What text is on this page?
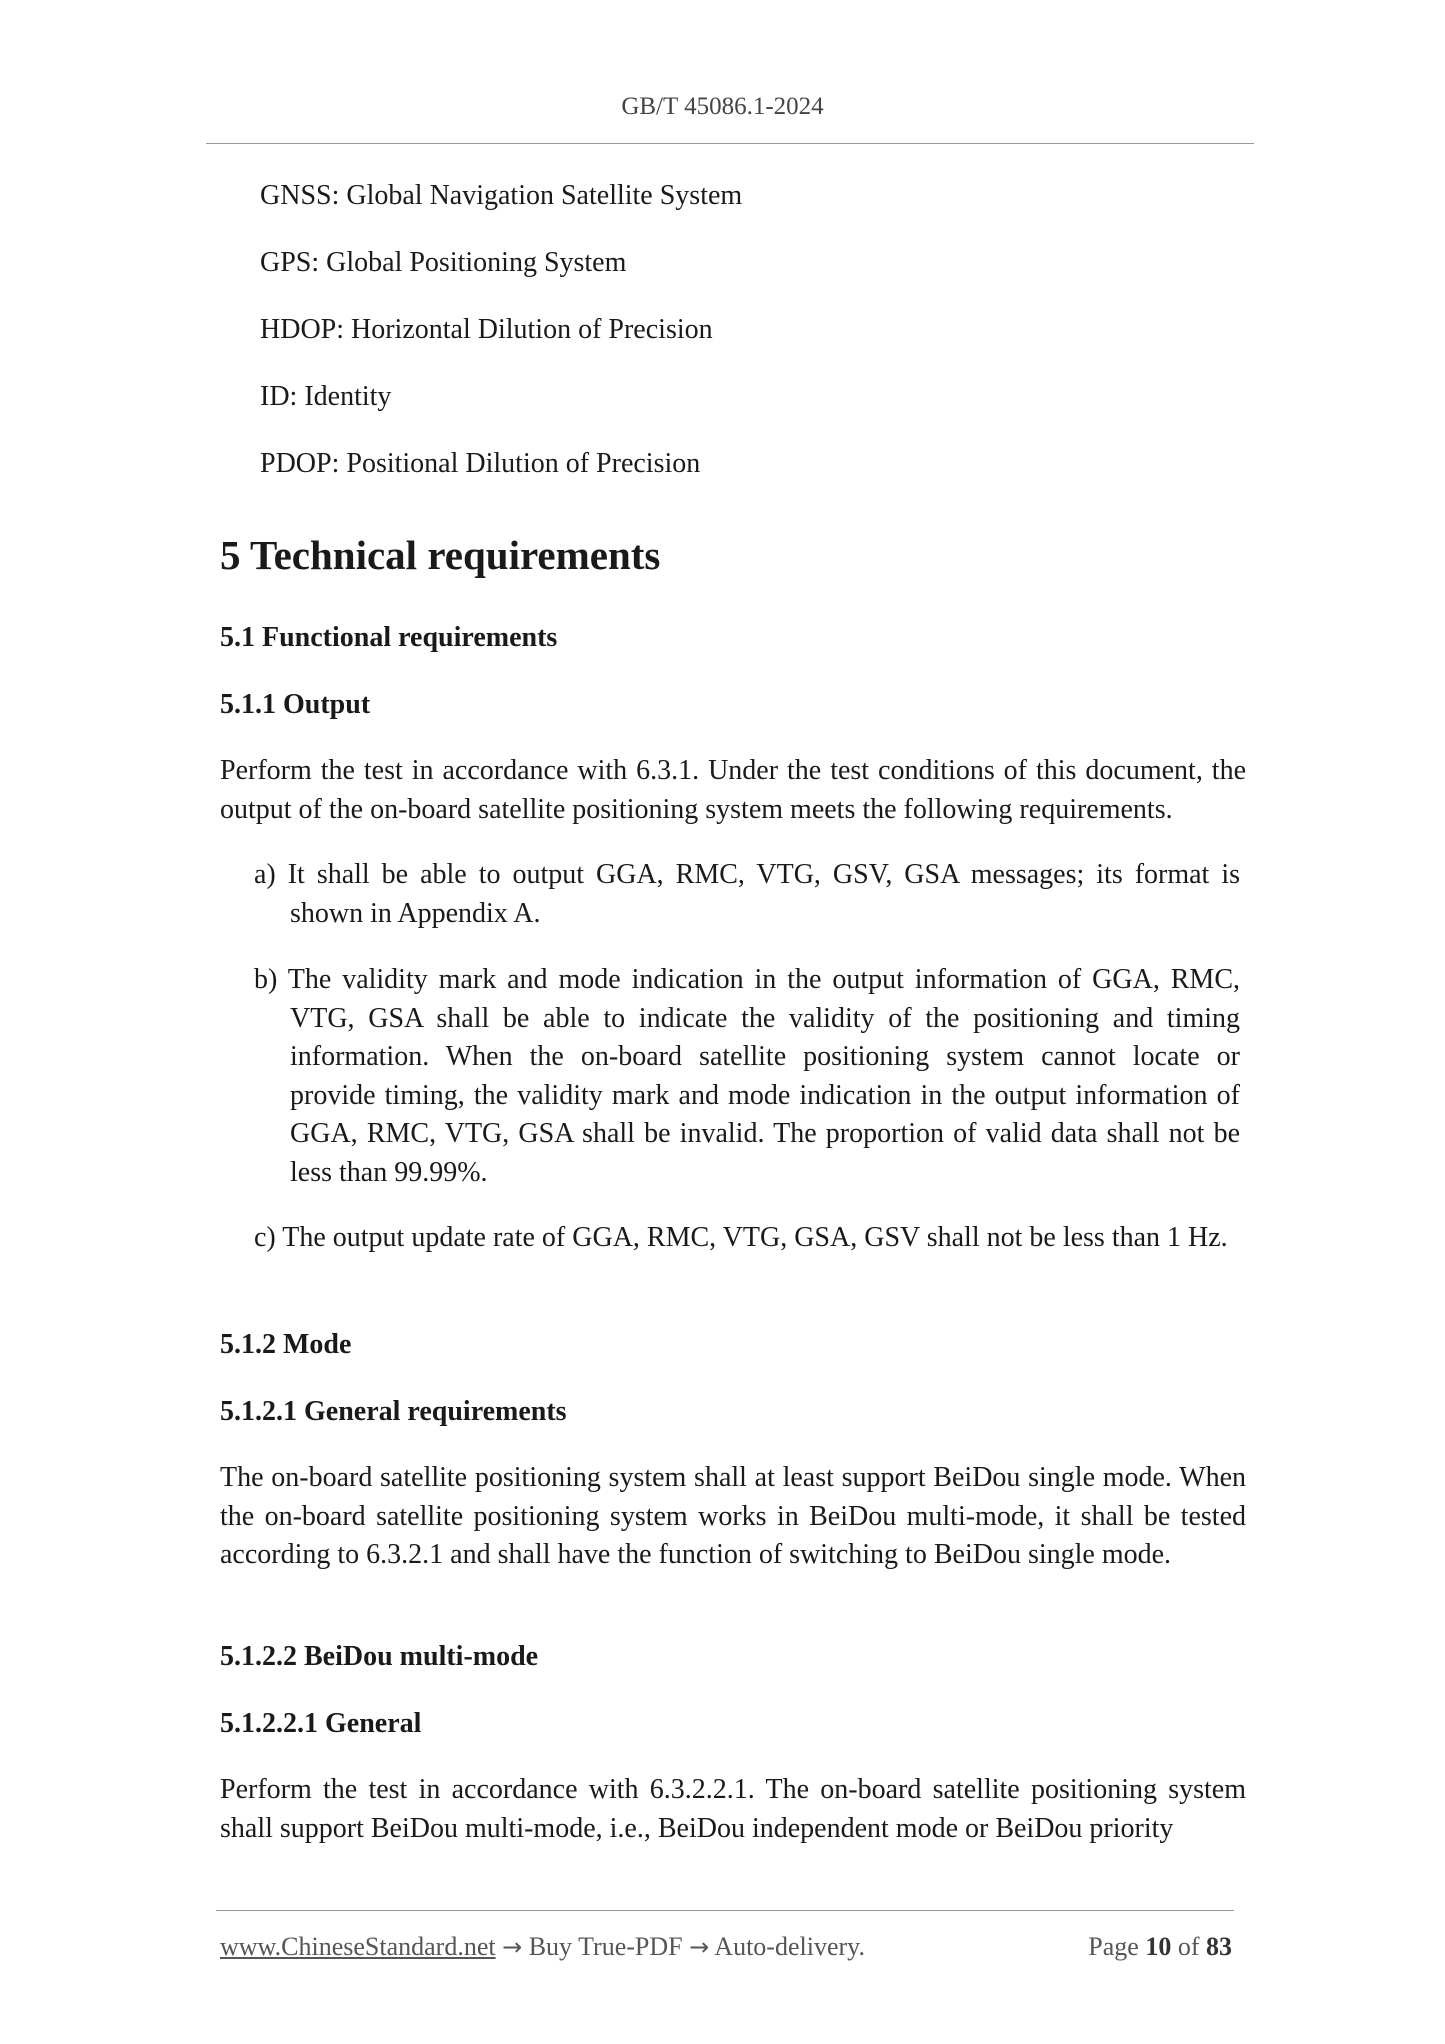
GB/T 45086.1-2024
GNSS: Global Navigation Satellite System
GPS: Global Positioning System
HDOP: Horizontal Dilution of Precision
ID: Identity
PDOP: Positional Dilution of Precision
5 Technical requirements
5.1 Functional requirements
5.1.1 Output

Perform the test in accordance with 6.3.1. Under the test conditions of this document, the output of the on-board satellite positioning system meets the following requirements.

a) It shall be able to output GGA, RMC, VTG, GSV, GSA messages; its format is shown in Appendix A.

b) The validity mark and mode indication in the output information of GGA, RMC, VTG, GSA shall be able to indicate the validity of the positioning and timing information. When the on-board satellite positioning system cannot locate or provide timing, the validity mark and mode indication in the output information of GGA, RMC, VTG, GSA shall be invalid. The proportion of valid data shall not be less than 99.99%.

c) The output update rate of GGA, RMC, VTG, GSA, GSV shall not be less than 1 Hz.

5.1.2 Mode
5.1.2.1 General requirements

The on-board satellite positioning system shall at least support BeiDou single mode. When the on-board satellite positioning system works in BeiDou multi-mode, it shall be tested according to 6.3.2.1 and shall have the function of switching to BeiDou single mode.

5.1.2.2 BeiDou multi-mode
5.1.2.2.1 General

Perform the test in accordance with 6.3.2.2.1. The on-board satellite positioning system shall support BeiDou multi-mode, i.e., BeiDou independent mode or BeiDou priority

www.ChineseStandard.net → Buy True-PDF → Auto-delivery.	Page 10 of 83
